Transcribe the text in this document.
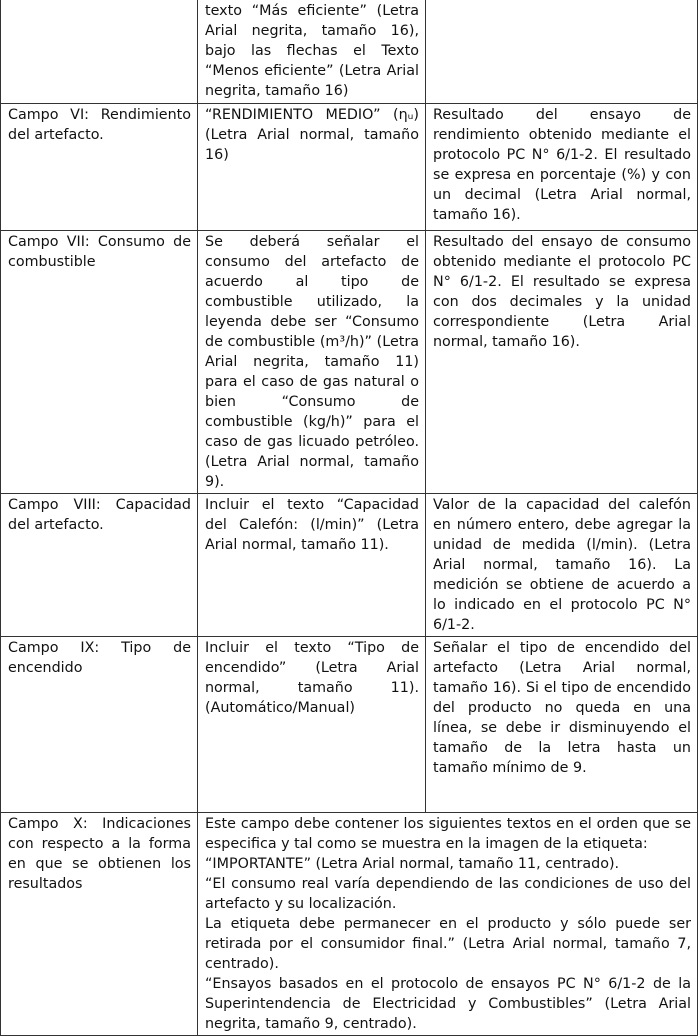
	texto “Más eficiente” (Letra Arial negrita, tamaño 16), bajo las flechas el Texto “Menos eficiente” (Letra Arial negrita, tamaño 16)	
Campo VI: Rendimiento del artefacto.	“RENDIMIENTO MEDIO” (ηᵤ)(Letra Arial normal, tamaño 16)	Resultado del ensayo de rendimiento obtenido mediante el protocolo PC N° 6/1-2. El resultado se expresa en porcentaje (%) y con un decimal (Letra Arial normal, tamaño 16).
Campo VII: Consumo de combustible	Se deberá señalar el consumo del artefacto de acuerdo al tipo de combustible utilizado, la leyenda debe ser “Consumo de combustible (m³/h)” (Letra Arial negrita, tamaño 11) para el caso de gas natural o bien “Consumo de combustible (kg/h)” para el caso de gas licuado petróleo. (Letra Arial normal, tamaño 9).	Resultado del ensayo de consumo obtenido mediante el protocolo PC N° 6/1-2. El resultado se expresa con dos decimales y la unidad correspondiente (Letra Arial normal, tamaño 16).
Campo VIII: Capacidad del artefacto.	Incluir el texto “Capacidad del Calefón: (l/min)” (Letra Arial normal, tamaño 11).	Valor de la capacidad del calefón en número entero, debe agregar la unidad de medida (l/min). (Letra Arial normal, tamaño 16). La medición se obtiene de acuerdo a lo indicado en el protocolo PC N° 6/1-2.
Campo IX: Tipo de encendido	Incluir el texto “Tipo de encendido” (Letra Arial normal, tamaño 11).(Automático/Manual)	Señalar el tipo de encendido del artefacto (Letra Arial normal, tamaño 16). Si el tipo de encendido del producto no queda en una línea, se debe ir disminuyendo el tamaño de la letra hasta un tamaño mínimo de 9.
Campo X: Indicaciones con respecto a la forma en que se obtienen los resultados	Este campo debe contener los siguientes textos en el orden que se especifica y tal como se muestra en la imagen de la etiqueta:
“IMPORTANTE” (Letra Arial normal, tamaño 11, centrado).
“El consumo real varía dependiendo de las condiciones de uso del artefacto y su localización.
La etiqueta debe permanecer en el producto y sólo puede ser retirada por el consumidor final.” (Letra Arial normal, tamaño 7, centrado).
“Ensayos basados en el protocolo de ensayos PC N° 6/1-2 de la Superintendencia de Electricidad y Combustibles” (Letra Arial negrita, tamaño 9, centrado).	
